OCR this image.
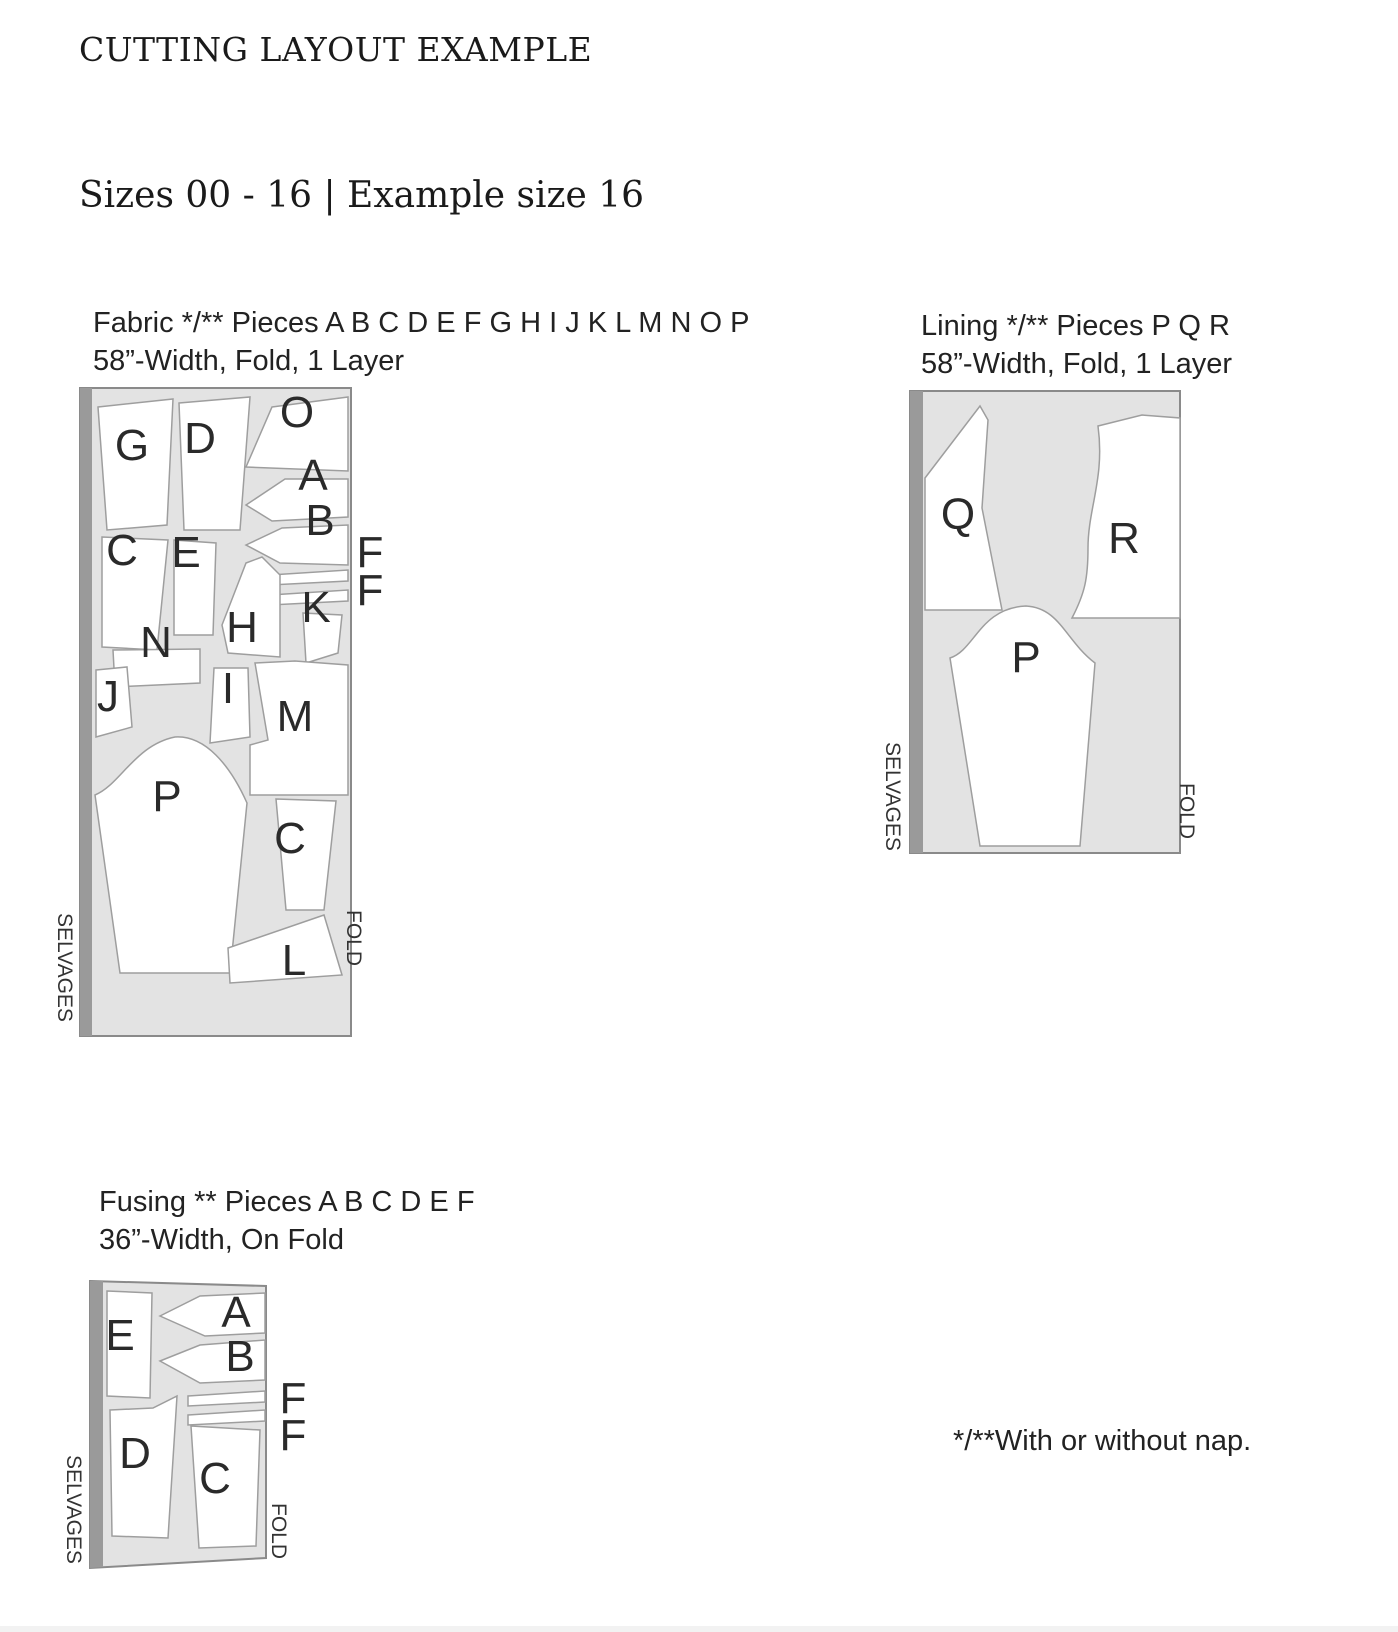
CUTTING LAYOUT EXAMPLE
Sizes 00 - 16 | Example size 16
Fabric */** Pieces A B C D E F G H I J K L M N O P
58”-Width, Fold, 1 Layer
G D
O
A
B
C E	F
F
K
H
N
J I
M
P
C
L
SELVAGES	FOLD
Lining */** Pieces P Q R
58”-Width, Fold, 1 Layer
Q	R
P
SELVAGES	FOLD
Fusing ** Pieces A B C D E F
36”-Width, On Fold
E A
B
F
F
D
C
SELVAGES	FOLD
*/**With or without nap.
